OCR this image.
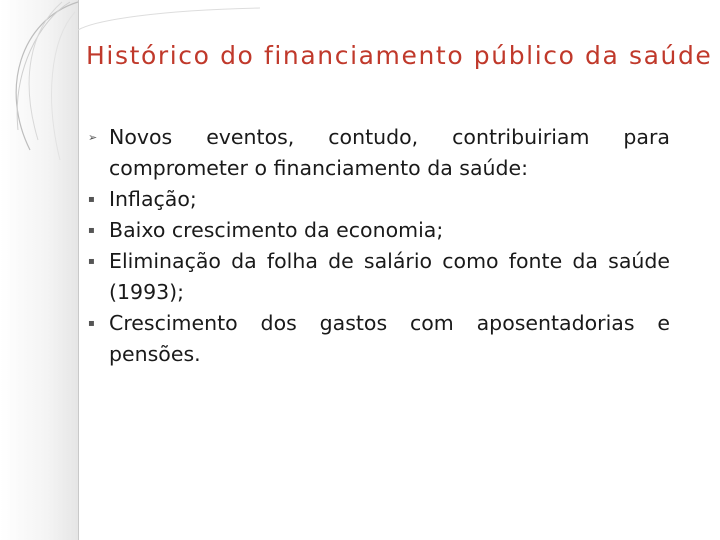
Histórico do financiamento público da saúde
➢ Novos eventos, contudo, contribuiriam para comprometer o financiamento da saúde:
▪ Inflação;
▪ Baixo crescimento da economia;
▪ Eliminação da folha de salário como fonte da saúde (1993);
▪ Crescimento dos gastos com aposentadorias e pensões.
